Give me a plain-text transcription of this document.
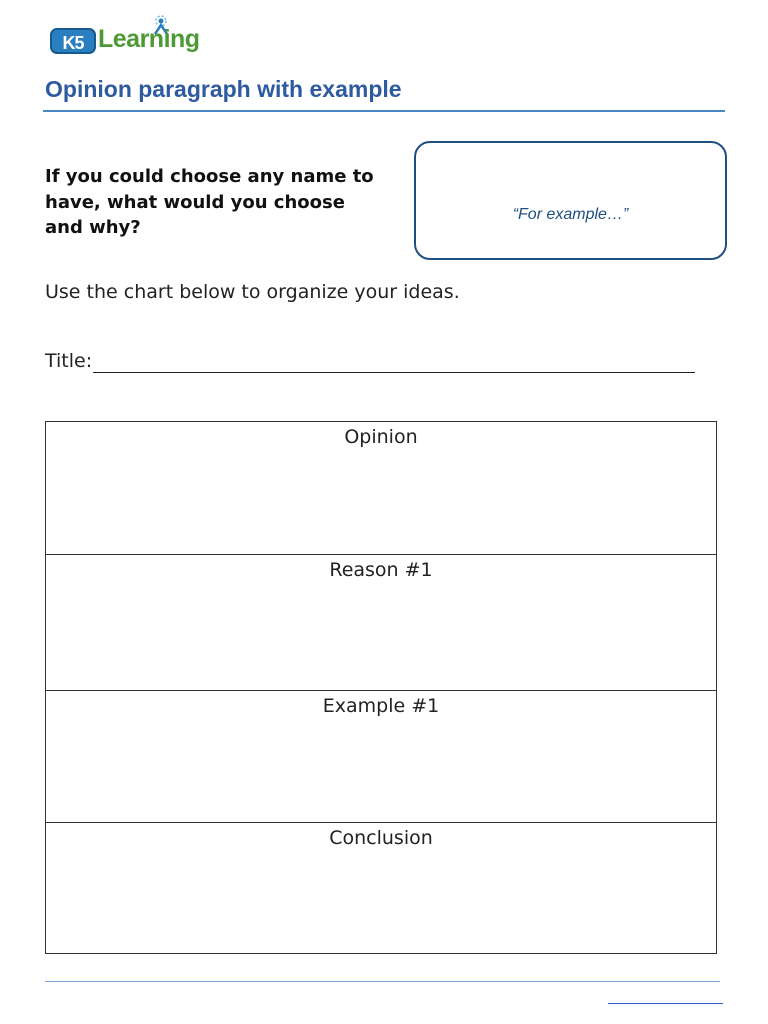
K5 Learning
Opinion paragraph with example
If you could choose any name to have, what would you choose and why?
“For example…”
Use the chart below to organize your ideas.
Title:
Opinion
Reason #1
Example #1
Conclusion
